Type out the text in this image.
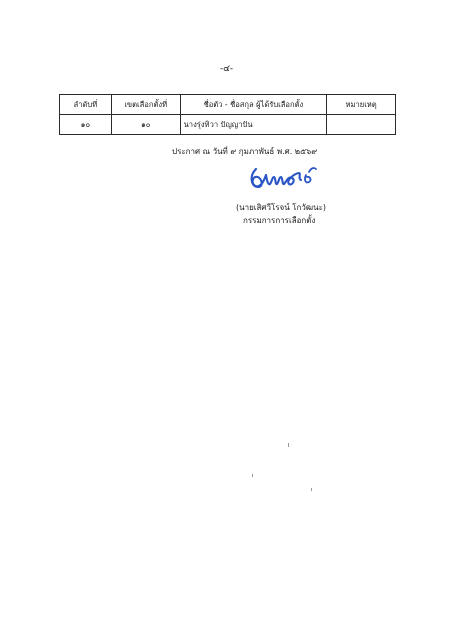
-๔-
ลำดับที่	เขตเลือกตั้งที่	ชื่อตัว - ชื่อสกุล ผู้ได้รับเลือกตั้ง	หมายเหตุ
๑๐	๑๐	นางรุ่งทิวา ปัญญาปัน	
ประกาศ ณ วันที่ ๙ กุมภาพันธ์ พ.ศ. ๒๕๖๙
(นายเสิศวีโรจน์ โกวัฒนะ)
กรรมการการเลือกตั้ง
